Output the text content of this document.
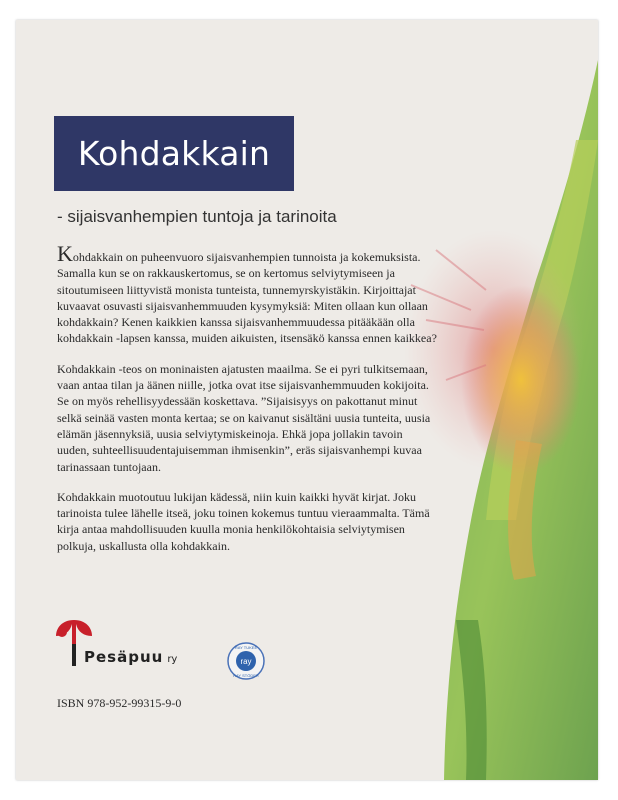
Kohdakkain
- sijaisvanhempien tuntoja ja tarinoita

Kohdakkain on puheenvuoro sijaisvanhempien tunnoista ja kokemuksista. Samalla kun se on rakkauskertomus, se on kertomus selviytymiseen ja sitoutumiseen liittyvistä monista tunteista, tunnemyrskyistäkin. Kirjoittajat kuvaavat osuvasti sijaisvanhemmuuden kysymyksiä: Miten ollaan kun ollaan kohdakkain? Kenen kaikkien kanssa sijaisvanhemmuudessa pitääkään olla kohdakkain -lapsen kanssa, muiden aikuisten, itsensäkö kanssa ennen kaikkea?

Kohdakkain -teos on moninaisten ajatusten maailma. Se ei pyri tulkitsemaan, vaan antaa tilan ja äänen niille, jotka ovat itse sijaisvanhemmuuden kokijoita. Se on myös rehellisyydessään koskettava. ”Sijaisisyys on pakottanut minut selkä seinää vasten monta kertaa; se on kaivanut sisältäni uusia tunteita, uusia elämän jäsennyksiä, uusia selviytymiskeinoja. Ehkä jopa jollakin tavoin uuden, suhteellisuudentajuisemman ihmisenkin”, eräs sijaisvanhempi kuvaa tarinassaan tuntojaan.

Kohdakkain muotoutuu lukijan kädessä, niin kuin kaikki hyvät kirjat. Joku tarinoista tulee lähelle itseä, joku toinen kokemus tuntuu vieraammalta. Tämä kirja antaa mahdollisuuden kuulla monia henkilökohtaisia selviytymisen polkuja, uskallusta olla kohdakkain.

Pesäpuu ry	ray
RAY TUKEE
RAY STÖDER
ISBN 978-952-99315-9-0
